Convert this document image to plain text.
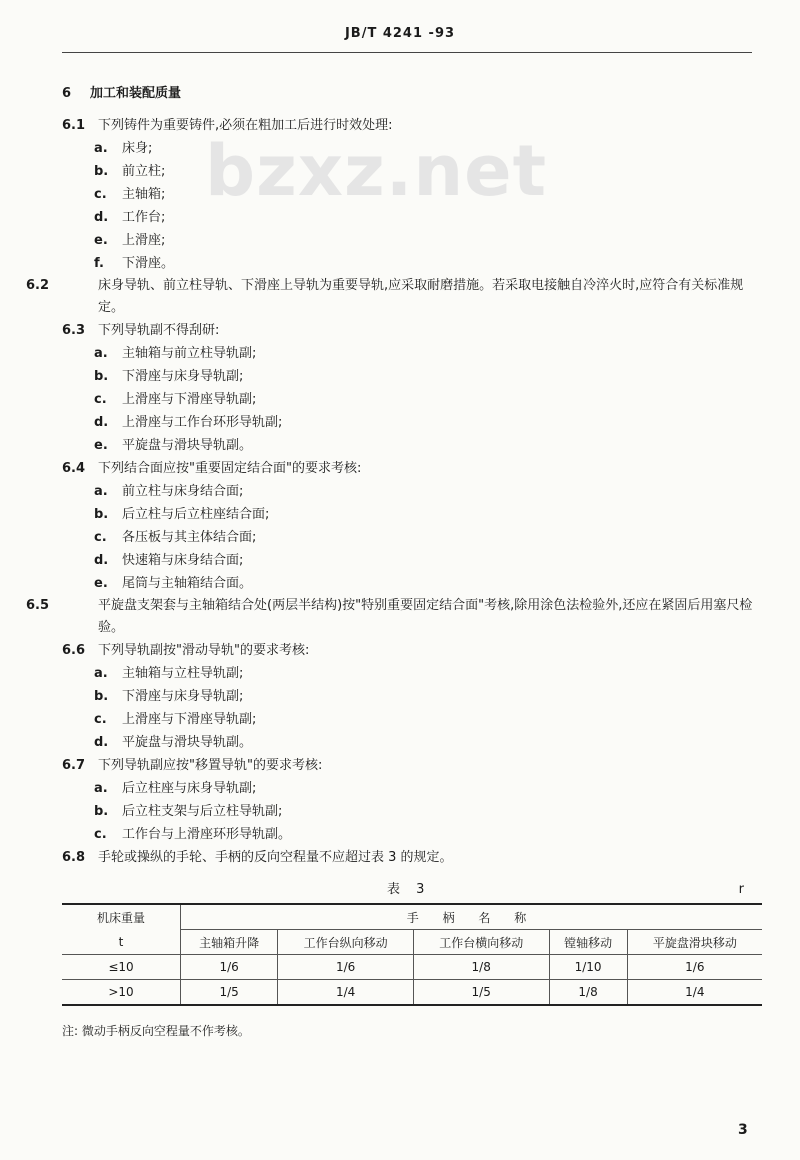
JB/T 4241 -93
bzxz.net
6 加工和装配质量
6.1 下列铸件为重要铸件,必须在粗加工后进行时效处理:
a. 床身;
b. 前立柱;
c. 主轴箱;
d. 工作台;
e. 上滑座;
f. 下滑座。
6.2	床身导轨、前立柱导轨、下滑座上导轨为重要导轨,应采取耐磨措施。若采取电接触自冷淬火时,应符合有关标准规定。
6.3 下列导轨副不得刮研:
a. 主轴箱与前立柱导轨副;
b. 下滑座与床身导轨副;
c. 上滑座与下滑座导轨副;
d. 上滑座与工作台环形导轨副;
e. 平旋盘与滑块导轨副。
6.4 下列结合面应按"重要固定结合面"的要求考核:
a. 前立柱与床身结合面;
b. 后立柱与后立柱座结合面;
c. 各压板与其主体结合面;
d. 快速箱与床身结合面;
e. 尾筒与主轴箱结合面。
6.5	平旋盘支架套与主轴箱结合处(两层半结构)按"特别重要固定结合面"考核,除用涂色法检验外,还应在紧固后用塞尺检验。
6.6 下列导轨副按"滑动导轨"的要求考核:
a. 主轴箱与立柱导轨副;
b. 下滑座与床身导轨副;
c. 上滑座与下滑座导轨副;
d. 平旋盘与滑块导轨副。
6.7 下列导轨副应按"移置导轨"的要求考核:
a. 后立柱座与床身导轨副;
b. 后立柱支架与后立柱导轨副;
c. 工作台与上滑座环形导轨副。
6.8 手轮或操纵的手轮、手柄的反向空程量不应超过表 3 的规定。
表 3	r
机床重量	手 柄 名 称				
t	主轴箱升降	工作台纵向移动	工作台横向移动	镗轴移动	平旋盘滑块移动
≤10	1/6	1/6	1/8	1/10	1/6
>10	1/5	1/4	1/5	1/8	1/4
注: 微动手柄反向空程量不作考核。
3
